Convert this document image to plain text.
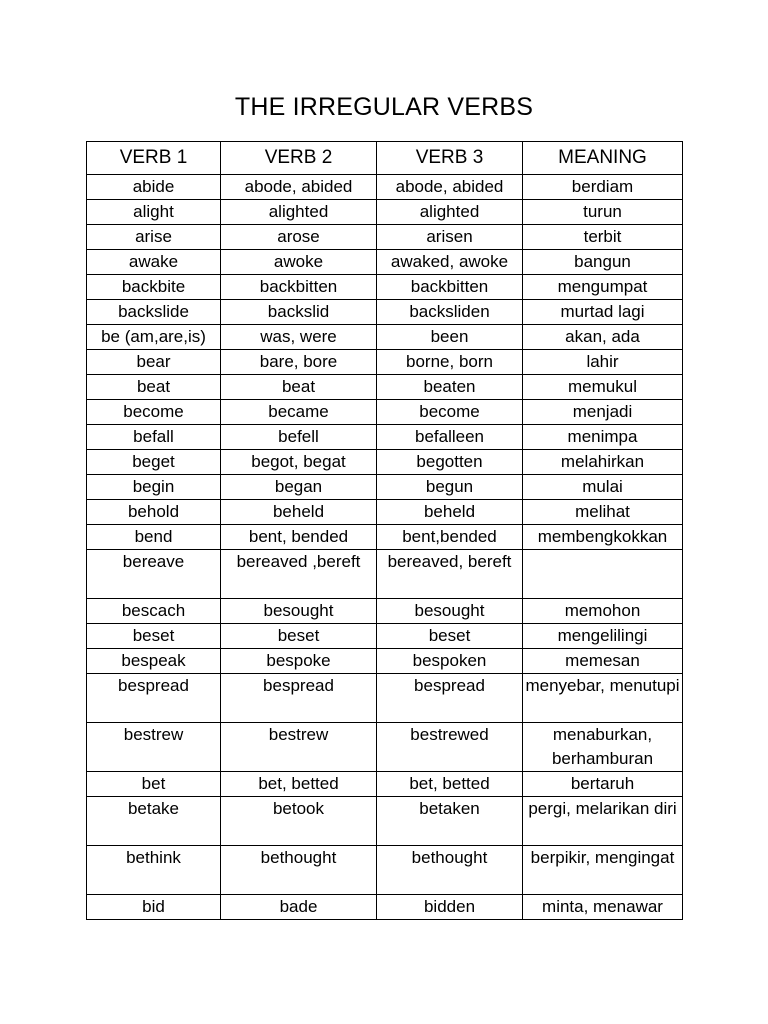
THE IRREGULAR VERBS
VERB 1	VERB 2	VERB 3	MEANING
abide	abode, abided	abode, abided	berdiam
alight	alighted	alighted	turun
arise	arose	arisen	terbit
awake	awoke	awaked, awoke	bangun
backbite	backbitten	backbitten	mengumpat
backslide	backslid	backsliden	murtad lagi
be (am,are,is)	was, were	been	akan, ada
bear	bare, bore	borne, born	lahir
beat	beat	beaten	memukul
become	became	become	menjadi
befall	befell	befalleen	menimpa
beget	begot, begat	begotten	melahirkan
begin	began	begun	mulai
behold	beheld	beheld	melihat
bend	bent, bended	bent,bended	membengkokkan
bereave	bereaved ,bereft	bereaved, bereft	
bescach	besought	besought	memohon
beset	beset	beset	mengelilingi
bespeak	bespoke	bespoken	memesan
bespread	bespread	bespread	menyebar, menutupi
bestrew	bestrew	bestrewed	menaburkan, berhamburan
bet	bet, betted	bet, betted	bertaruh
betake	betook	betaken	pergi, melarikan diri
bethink	bethought	bethought	berpikir, mengingat
bid	bade	bidden	minta, menawar
